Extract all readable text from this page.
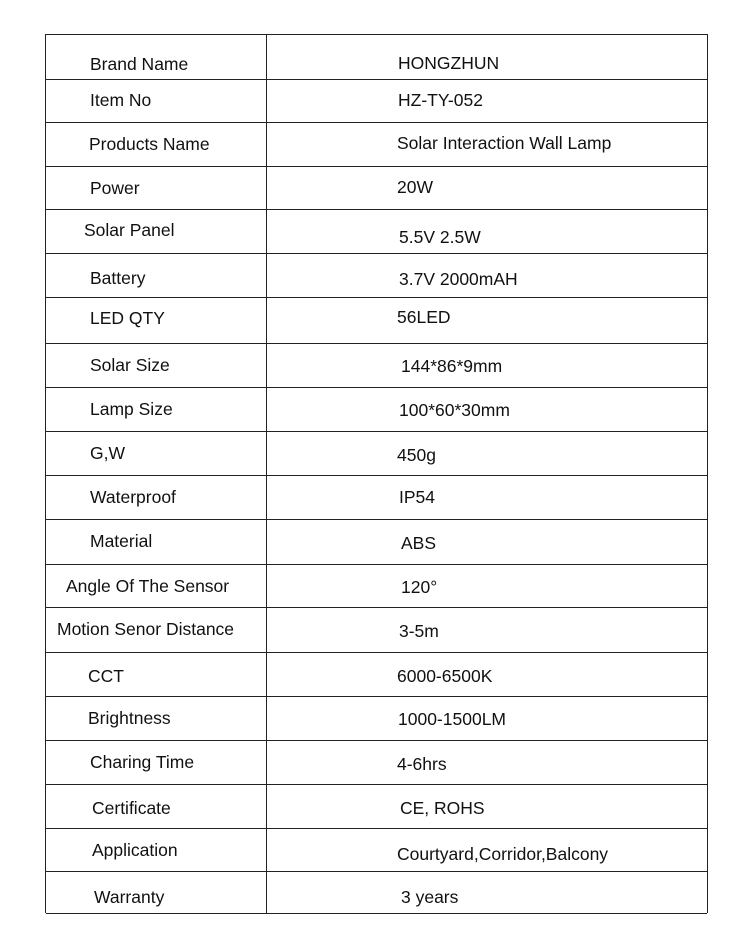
Brand Name	HONGZHUN
Item No	HZ-TY-052
Products Name	Solar Interaction Wall Lamp
Power	20W
Solar Panel	5.5V 2.5W
Battery	3.7V 2000mAH
LED QTY	56LED
Solar Size	144*86*9mm
Lamp Size	100*60*30mm
G,W	450g
Waterproof	IP54
Material	ABS
Angle Of The Sensor	120°
Motion Senor Distance	3-5m
CCT	6000-6500K
Brightness	1000-1500LM
Charing Time	4-6hrs
Certificate	CE, ROHS
Application	Courtyard,Corridor,Balcony
Warranty	3 years
